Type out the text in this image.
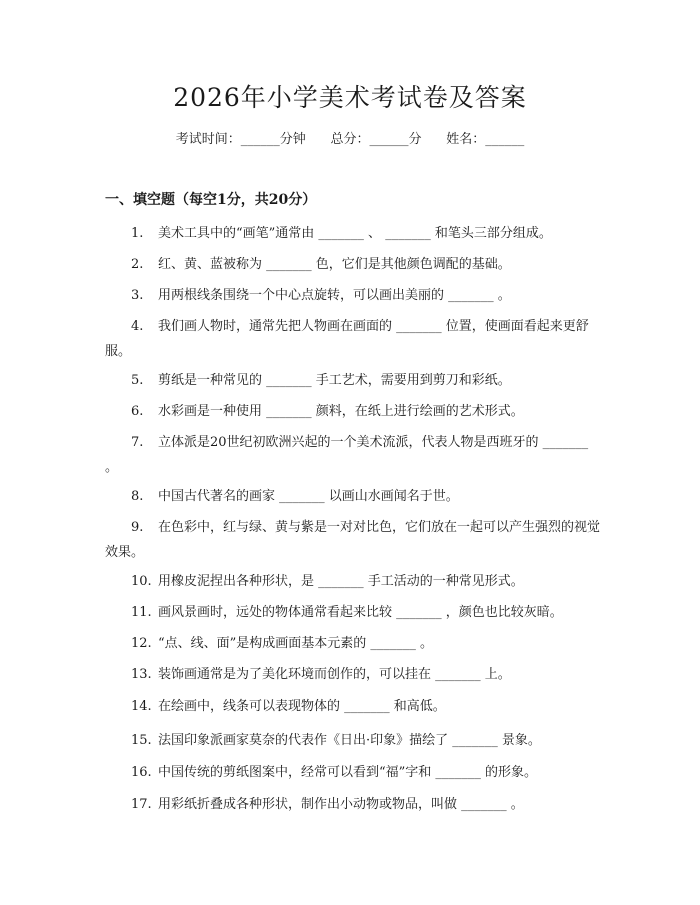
2026年小学美术考试卷及答案
考试时间：______分钟      总分：______分      姓名：______
一、填空题（每空1分，共20分）
1. 美术工具中的“画笔”通常由 _______ 、 _______ 和笔头三部分组成。
2. 红、黄、蓝被称为 _______ 色，它们是其他颜色调配的基础。
3. 用两根线条围绕一个中心点旋转，可以画出美丽的 _______ 。
4. 我们画人物时，通常先把人物画在画面的 _______ 位置，使画面看起来更舒服。
5. 剪纸是一种常见的 _______ 手工艺术，需要用到剪刀和彩纸。
6. 水彩画是一种使用 _______ 颜料，在纸上进行绘画的艺术形式。
7. 立体派是20世纪初欧洲兴起的一个美术流派，代表人物是西班牙的 _______ 。
8. 中国古代著名的画家 _______ 以画山水画闻名于世。
9. 在色彩中，红与绿、黄与紫是一对对比色，它们放在一起可以产生强烈的视觉效果。
10. 用橡皮泥捏出各种形状，是 _______ 手工活动的一种常见形式。
11. 画风景画时，远处的物体通常看起来比较 _______ ，颜色也比较灰暗。
12. “点、线、面”是构成画面基本元素的 _______ 。
13. 装饰画通常是为了美化环境而创作的，可以挂在 _______ 上。
14. 在绘画中，线条可以表现物体的 _______ 和高低。
15. 法国印象派画家莫奈的代表作《日出·印象》描绘了 _______ 景象。
16. 中国传统的剪纸图案中，经常可以看到“福”字和 _______ 的形象。
17. 用彩纸折叠成各种形状，制作出小动物或物品，叫做 _______ 。
